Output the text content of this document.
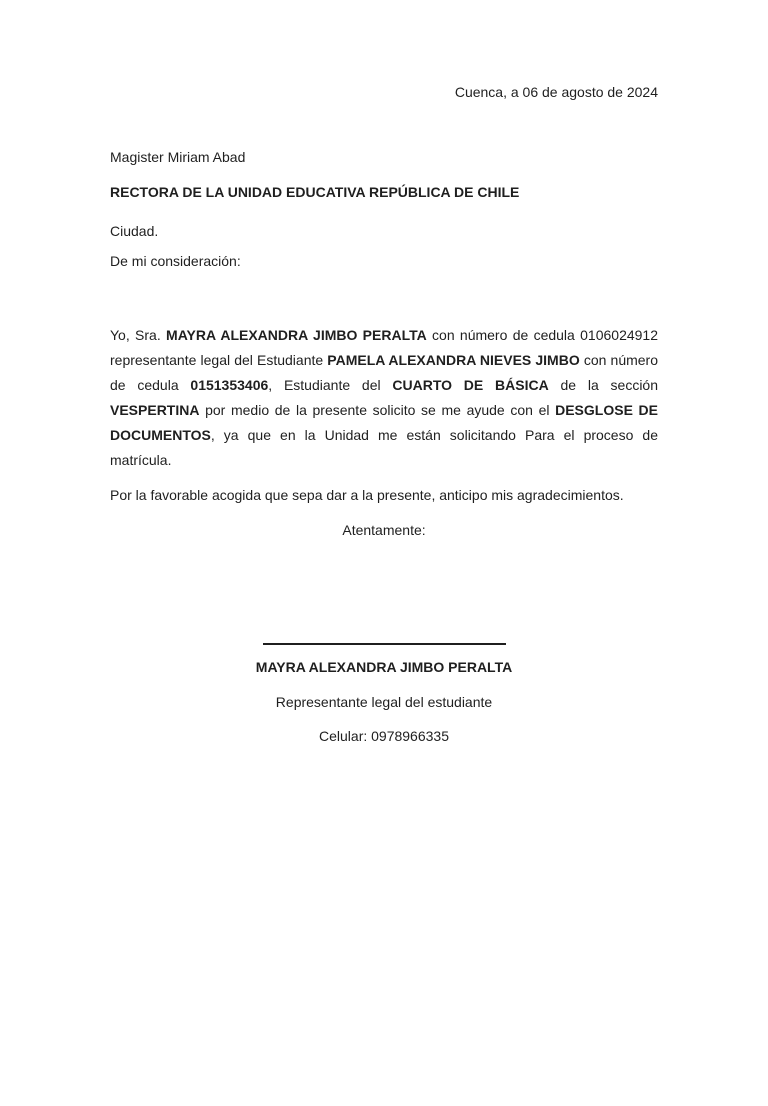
Cuenca, a 06 de agosto de 2024
Magister Miriam Abad
RECTORA DE LA UNIDAD EDUCATIVA REPÚBLICA DE CHILE
Ciudad.
De mi consideración:
Yo, Sra. MAYRA ALEXANDRA JIMBO PERALTA con número de cedula 0106024912 representante legal del Estudiante PAMELA ALEXANDRA NIEVES JIMBO con número de cedula 0151353406, Estudiante del CUARTO DE BÁSICA de la sección VESPERTINA por medio de la presente solicito se me ayude con el DESGLOSE DE DOCUMENTOS, ya que en la Unidad me están solicitando Para el proceso de matrícula.
Por la favorable acogida que sepa dar a la presente, anticipo mis agradecimientos.
Atentamente:
MAYRA ALEXANDRA JIMBO PERALTA
Representante legal del estudiante
Celular: 0978966335
